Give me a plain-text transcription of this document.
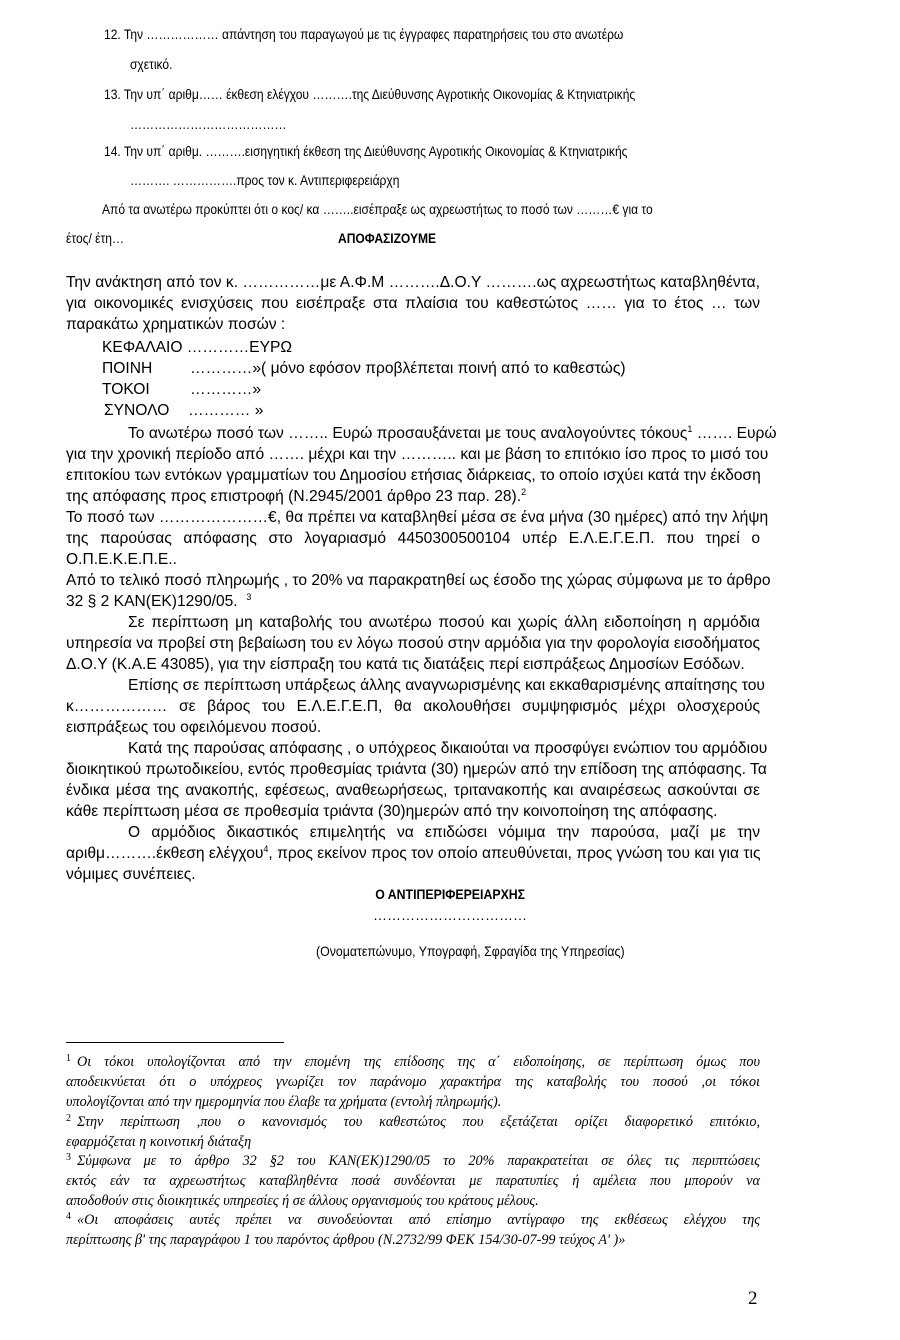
12. Την ……………… απάντηση του παραγωγού με τις έγγραφες παρατηρήσεις του στο ανωτέρω
σχετικό.
13. Την υπ΄ αριθμ…… έκθεση ελέγχου ……….της Διεύθυνσης Αγροτικής Οικονομίας & Κτηνιατρικής
…………………………………
14. Την υπ΄ αριθμ. ……….εισηγητική έκθεση της Διεύθυνσης Αγροτικής Οικονομίας & Κτηνιατρικής
………. …………….προς τον κ. Αντιπεριφερειάρχη
Από τα ανωτέρω προκύπτει ότι ο κος/ κα ……..εισέπραξε ως αχρεωστήτως το ποσό των ………€ για το
έτος/ έτη…	ΑΠΟΦΑΣΙΖΟΥΜΕ
Την ανάκτηση από τον κ. ……………με Α.Φ.Μ ……….Δ.Ο.Υ ……….ως αχρεωστήτως καταβληθέντα,
για οικονομικές ενισχύσεις που εισέπραξε στα πλαίσια του καθεστώτος …… για το έτος … των
παρακάτω χρηματικών ποσών :
ΚΕΦΑΛΑΙΟ …………ΕΥΡΩ
ΠΟΙΝΗ …………»( μόνο εφόσον προβλέπεται ποινή από το καθεστώς)
ΤΟΚΟΙ	…………»
ΣΥΝΟΛΟ ………… »
Το ανωτέρω ποσό των …….. Ευρώ προσαυξάνεται με τους αναλογούντες τόκους$^1$ ……. Ευρώ
για την χρονική περίοδο από ……. μέχρι και την ……….. και με βάση το επιτόκιο ίσο προς το μισό του
επιτοκίου των εντόκων γραμματίων του Δημοσίου ετήσιας διάρκειας, το οποίο ισχύει κατά την έκδοση
της απόφασης προς επιστροφή (Ν.2945/2001 άρθρο 23 παρ. 28).$^2$
Το ποσό των …………………€, θα πρέπει να καταβληθεί μέσα σε ένα μήνα (30 ημέρες) από την λήψη
της παρούσας απόφασης στο λογαριασμό 4450300500104 υπέρ Ε.Λ.Ε.Γ.Ε.Π. που τηρεί ο
Ο.Π.Ε.Κ.Ε.Π.Ε..
Από το τελικό ποσό πληρωμής , το 20% να παρακρατηθεί ως έσοδο της χώρας σύμφωνα με το άρθρο
32 § 2 ΚΑΝ(ΕΚ)1290/05. $^3$
Σε περίπτωση μη καταβολής του ανωτέρω ποσού και χωρίς άλλη ειδοποίηση η αρμόδια
υπηρεσία να προβεί στη βεβαίωση του εν λόγω ποσού στην αρμόδια για την φορολογία εισοδήματος
Δ.Ο.Υ (Κ.Α.Ε 43085), για την είσπραξη του κατά τις διατάξεις περί εισπράξεως Δημοσίων Εσόδων.
Επίσης σε περίπτωση υπάρξεως άλλης αναγνωρισμένης και εκκαθαρισμένης απαίτησης του
κ……………… σε βάρος του Ε.Λ.Ε.Γ.Ε.Π, θα ακολουθήσει συμψηφισμός μέχρι ολοσχερούς
εισπράξεως του οφειλόμενου ποσού.
Κατά της παρούσας απόφασης , ο υπόχρεος δικαιούται να προσφύγει ενώπιον του αρμόδιου
διοικητικού πρωτοδικείου, εντός προθεσμίας τριάντα (30) ημερών από την επίδοση της απόφασης. Τα
ένδικα μέσα της ανακοπής, εφέσεως, αναθεωρήσεως, τριτανακοπής και αναιρέσεως ασκούνται σε
κάθε περίπτωση μέσα σε προθεσμία τριάντα (30)ημερών από την κοινοποίηση της απόφασης.
Ο αρμόδιος δικαστικός επιμελητής να επιδώσει νόμιμα την παρούσα, μαζί με την
αριθμ……….έκθεση ελέγχου$^4$, προς εκείνον προς τον οποίο απευθύνεται, προς γνώση του και για τις
νόμιμες συνέπειες.
Ο ΑΝΤΙΠΕΡΙΦΕΡΕΙΑΡΧΗΣ
……………………………
(Ονοματεπώνυμο, Υπογραφή, Σφραγίδα της Υπηρεσίας)
$^1$ Οι τόκοι υπολογίζονται από την επομένη της επίδοσης της α΄ ειδοποίησης, σε περίπτωση όμως που
αποδεικνύεται ότι ο υπόχρεος γνωρίζει τον παράνομο χαρακτήρα της καταβολής του ποσού ,οι τόκοι
υπολογίζονται από την ημερομηνία που έλαβε τα χρήματα (εντολή πληρωμής).
$^2$ Στην περίπτωση ,που ο κανονισμός του καθεστώτος που εξετάζεται ορίζει διαφορετικό επιτόκιο,
εφαρμόζεται η κοινοτική διάταξη
$^3$ Σύμφωνα με το άρθρο 32 §2 του ΚΑΝ(ΕΚ)1290/05 το 20% παρακρατείται σε όλες τις περιπτώσεις
εκτός εάν τα αχρεωστήτως καταβληθέντα ποσά συνδέονται με παρατυπίες ή αμέλεια που μπορούν να
αποδοθούν στις διοικητικές υπηρεσίες ή σε άλλους οργανισμούς του κράτους μέλους.
$^4$ «Οι αποφάσεις αυτές πρέπει να συνοδεύονται από επίσημο αντίγραφο της εκθέσεως ελέγχου της
περίπτωσης β' της παραγράφου 1 του παρόντος άρθρου (Ν.2732/99 ΦΕΚ 154/30-07-99 τεύχος Α' )»
2
